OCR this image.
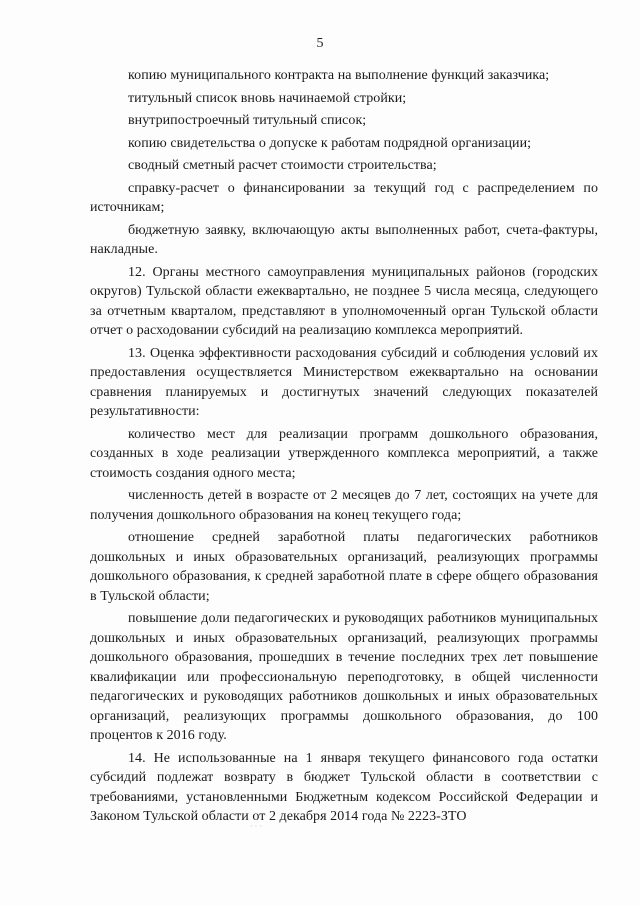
5

копию муниципального контракта на выполнение функций заказчика;

титульный список вновь начинаемой стройки;

внутрипостроечный титульный список;

копию свидетельства о допуске к работам подрядной организации;

сводный сметный расчет стоимости строительства;

справку-расчет о финансировании за текущий год с распределением по источникам;

бюджетную заявку, включающую акты выполненных работ, счета-фактуры, накладные.

12. Органы местного самоуправления муниципальных районов (городских округов) Тульской области ежеквартально, не позднее 5 числа месяца, следующего за отчетным кварталом, представляют в уполномоченный орган Тульской области отчет о расходовании субсидий на реализацию комплекса мероприятий.

13. Оценка эффективности расходования субсидий и соблюдения условий их предоставления осуществляется Министерством ежеквартально на основании сравнения планируемых и достигнутых значений следующих показателей результативности:

количество мест для реализации программ дошкольного образования, созданных в ходе реализации утвержденного комплекса мероприятий, а также стоимость создания одного места;

численность детей в возрасте от 2 месяцев до 7 лет, состоящих на учете для получения дошкольного образования на конец текущего года;

отношение средней заработной платы педагогических работников дошкольных и иных образовательных организаций, реализующих программы дошкольного образования, к средней заработной плате в сфере общего образования в Тульской области;

повышение доли педагогических и руководящих работников муниципальных дошкольных и иных образовательных организаций, реализующих программы дошкольного образования, прошедших в течение последних трех лет повышение квалификации или профессиональную переподготовку, в общей численности педагогических и руководящих работников дошкольных и иных образовательных организаций, реализующих программы дошкольного образования, до 100 процентов к 2016 году.

14. Не использованные на 1 января текущего финансового года остатки субсидий подлежат возврату в бюджет Тульской области в соответствии с требованиями, установленными Бюджетным кодексом Российской Федерации и Законом Тульской области от 2 декабря 2014 года № 2223-ЗТО

· · ·
